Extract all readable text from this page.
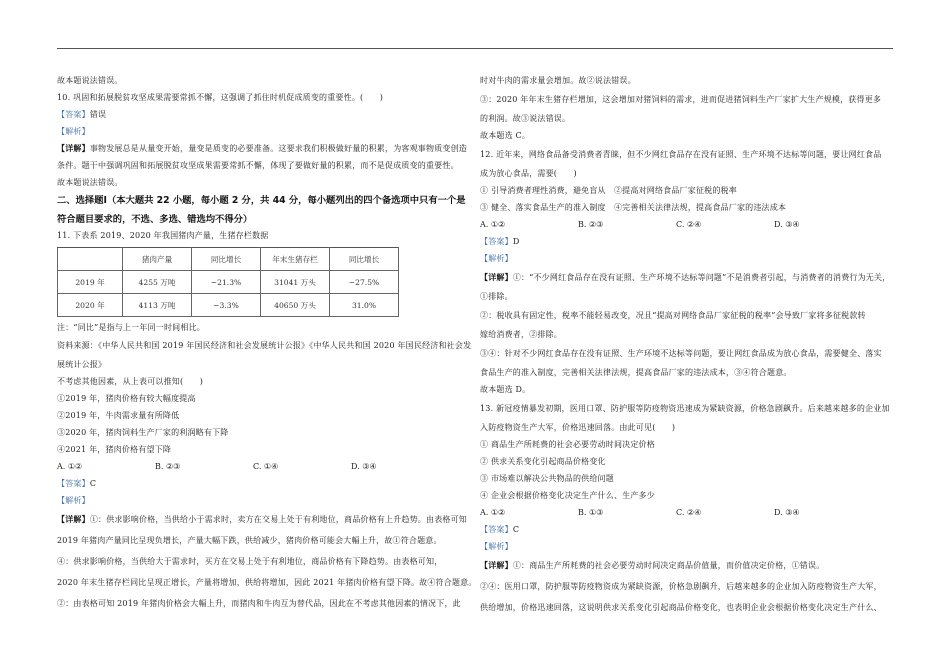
故本题说法错误。
10. 巩固和拓展脱贫攻坚成果需要常抓不懈，这强调了抓住时机促成质变的重要性。(　　)
【答案】错误
【解析】
【详解】事物发展总是从量变开始，量变是质变的必要准备。这要求我们积极做好量的积累，为客观事物质变创造
条件。题干中强调巩固和拓展脱贫攻坚成果需要常抓不懈，体现了要做好量的积累，而不是促成质变的重要性。
故本题说法错误。
二、选择题Ⅰ（本大题共 22 小题，每小题 2 分，共 44 分，每小题列出的四个备选项中只有一个是
符合题目要求的，不选、多选、错选均不得分）
11. 下表系 2019、2020 年我国猪肉产量，生猪存栏数据
	猪肉产量	同比增长	年末生猪存栏	同比增长
2019 年	4255 万吨	−21.3%	31041 万头	−27.5%
2020 年	4113 万吨	−3.3%	40650 万头	31.0%
注：“同比”是指与上一年同一时间相比。
资料来源：《中华人民共和国 2019 年国民经济和社会发展统计公报》《中华人民共和国 2020 年国民经济和社会发
展统计公报》
不考虑其他因素，从上表可以推知(　　)
①2019 年，猪肉价格有较大幅度提高
②2019 年，牛肉需求量有所降低
③2020 年，猪肉饲料生产厂家的利润略有下降
④2021 年，猪肉价格有望下降
A. ①②	B. ②③	C. ①④	D. ③④
【答案】C
【解析】
【详解】①：供求影响价格，当供给小于需求时，卖方在交易上处于有利地位，商品价格有上升趋势。由表格可知
2019 年猪肉产量同比呈现负增长，产量大幅下跌，供给减少，猪肉价格可能会大幅上升，故①符合题意。
④：供求影响价格，当供给大于需求时，买方在交易上处于有利地位，商品价格有下降趋势。由表格可知，
2020 年末生猪存栏同比呈现正增长，产量将增加，供给将增加，因此 2021 年猪肉价格有望下降。故④符合题意。
②：由表格可知 2019 年猪肉价格会大幅上升，而猪肉和牛肉互为替代品，因此在不考虑其他因素的情况下，此
时对牛肉的需求量会增加。故②说法错误。
③：2020 年年末生猪存栏增加，这会增加对猪饲料的需求，进而促进猪饲料生产厂家扩大生产规模，获得更多
的利润。故③说法错误。
故本题选 C。
12. 近年来，网络食品备受消费者青睐，但不少网红食品存在没有证照、生产环境不达标等问题，要让网红食品
成为放心食品，需要(　　)
① 引导消费者理性消费，避免盲从　②提高对网络食品厂家征税的税率
③ 健全、落实食品生产的准入制度　④完善相关法律法规，提高食品厂家的违法成本
A. ①②	B. ②③	C. ②④	D. ③④
【答案】D
【解析】
【详解】①：“不少网红食品存在没有证照、生产环境不达标等问题”不是消费者引起，与消费者的消费行为无关，
①排除。
②：税收具有固定性，税率不能轻易改变，况且“提高对网络食品厂家征税的税率”会导致厂家将多征税款转
嫁给消费者，②排除。
③④：针对不少网红食品存在没有证照、生产环境不达标等问题，要让网红食品成为放心食品，需要健全、落实
食品生产的准入制度，完善相关法律法规，提高食品厂家的违法成本，③④符合题意。
故本题选 D。
13. 新冠疫情暴发初期，医用口罩、防护服等防疫物资迅速成为紧缺资源，价格急剧飙升。后来越来越多的企业加
入防疫物资生产大军，价格迅速回落。由此可见(　　)
① 商品生产所耗费的社会必要劳动时间决定价格
② 供求关系变化引起商品价格变化
③ 市场难以解决公共物品的供给问题
④ 企业会根据价格变化决定生产什么、生产多少
A. ①②	B. ①③	C. ②④	D. ③④
【答案】C
【解析】
【详解】①：商品生产所耗费的社会必要劳动时间决定商品价值量，而价值决定价格，①错误。
②④：医用口罩，防护服等防疫物资成为紧缺资源，价格急剧飙升，后越来越多的企业加入防疫物资生产大军，
供给增加，价格迅速回落，这说明供求关系变化引起商品价格变化，也表明企业会根据价格变化决定生产什么、
